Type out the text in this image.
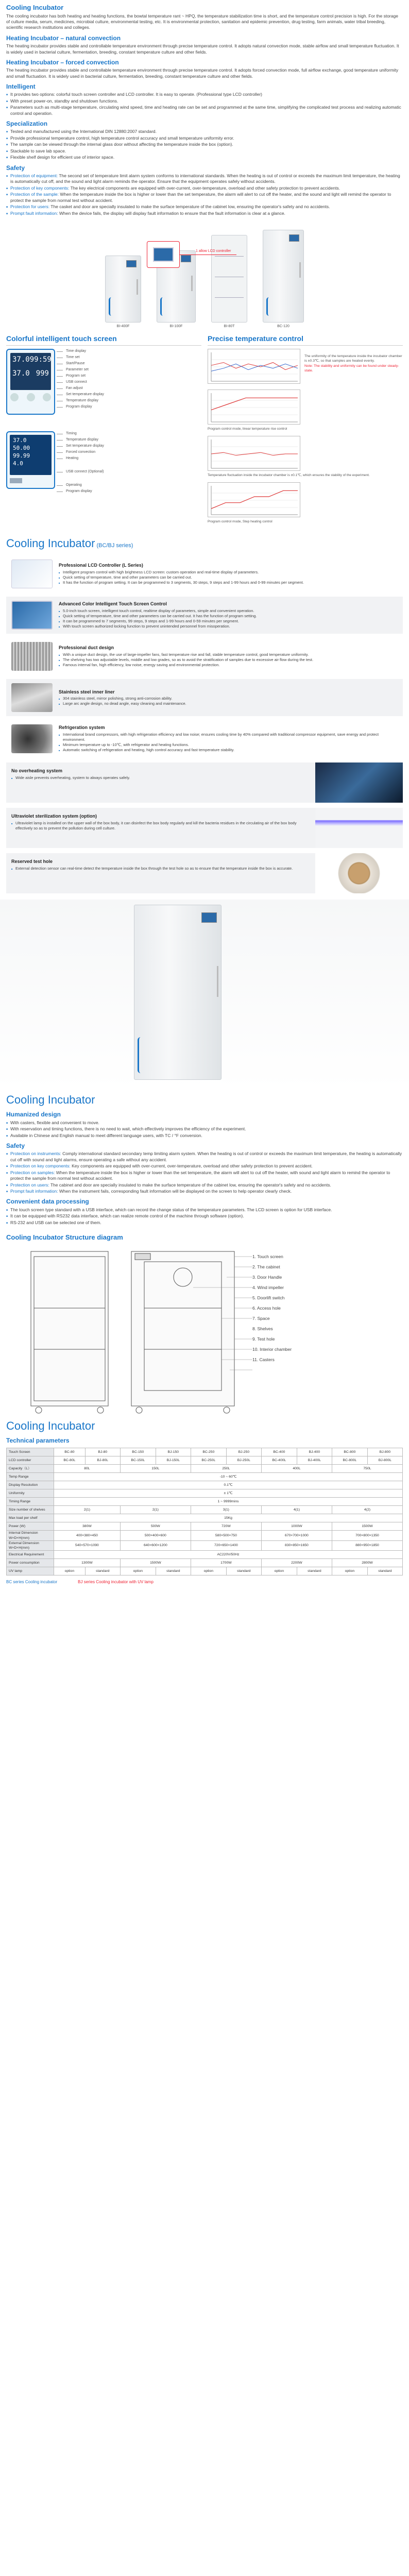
Cooling Incubator

The cooling incubator has both heating and heating functions, the bowtal temperature rant ~ HPQ, the temperature stabilization time is short, and the temperature control precision is high. For the storage of culture media, serum, medicines, microbial culture, environmental testing, etc. It is environmental protection, sanitation and epidemic prevention, drug testing, farm animals, water tribal breeding, scientific research institutions and colleges.

Heating Incubator – natural convection

The heating incubator provides stable and controllable temperature environment through precise temperature control. It adopts natural convection mode, stable airflow and small temperature fluctuation. It is widely used in bacterial culture, fermentation, breeding, constant temperature culture and other fields.

Heating Incubator – forced convection

The heating incubator provides stable and controllable temperature environment through precise temperature control. It adopts forced convection mode, full airflow exchange, good temperature uniformity and small fluctuation. It is widely used in bacterial culture, fermentation, breeding, constant temperature culture and other fields.

Intelligent
■ It provides two options: colorful touch screen controller and LCD controller. It is easy to operate. (Professional type LCD controller)
■ With preset power-on, standby and shutdown functions.
■ Parameters such as multi-stage temperature, circulating wind speed, time and heating rate can be set and programmed at the same time, simplifying the complicated test process and realizing automatic control and operation.
Specialization
■ Tested and manufactured using the International DIN 12880:2007 standard.
■ Provide professional temperature control, high temperature control accuracy and small temperature uniformity error.
■ The sample can be viewed through the internal glass door without affecting the temperature inside the box (option).
■ Stackable to save lab space.
■ Flexible shelf design for efficient use of interior space.
Safety
■ Protection of equipment: The second set of temperature limit alarm system conforms to international standards. When the heating is out of control or exceeds the maximum limit temperature, the heating is automatically cut off, and the sound and light alarm reminds the operator. Ensure that the equipment operates safely without accidents.
■ Protection of key components: The key electrical components are equipped with over-current, over-temperature, overload and other safety protection to prevent accidents.
■ Protection of the sample: When the temperature inside the box is higher or lower than the set temperature, the alarm will alert to cut off the heater, and the sound and light will remind the operator to protect the sample from normal test without accident.
■ Protection for users: The casket and door are specially insulated to make the surface temperature of the cabinet low, ensuring the operator's safety and no accidents.
■ Prompt fault information: When the device fails, the display will display fault information to ensure that the fault information is clear at a glance.
BI-400F	BI-100F	BI-80T	BC-120
1 allow LCD controller
Colorful intelligent touch screen
37.0 99:59
37.0 999
Time display
Time set
Start/Pause
Parameter set
Program set
USB connect
Fan adjust
Set temperature display
Temperature display
Program display
37.0
50.00
99.99
4.0
Timing
Temperature display
Set temperature display
Forced convection
Heating
USB connect (Optional)
Operating
Program display
Precise temperature control
The uniformity of the temperature inside the incubator chamber is ±0.3℃, so that samples are heated evenly.
Note: The stability and uniformity can be found under steady-state.
Program control mode, linear temperature rise control
Temperature fluctuation inside the incubator chamber is ±0.1℃, which ensures the stability of the experiment.
Program control mode, Step heating control
Cooling Incubator (BC/BJ series)
Professional LCD Controller (L Series)
■ Intelligent program control with high brightness LCD screen: custom operation and real-time display of parameters.
■ Quick setting of temperature, time and other parameters can be carried out.
■ It has the function of program setting. It can be programmed to 3 segments, 30 steps, 9 steps and 1-99 hours and 0-99 minutes per segment.
Advanced Color Intelligent Touch Screen Control
■ 5.0-inch touch screen, intelligent touch control, realtime display of parameters, simple and convenient operation.
■ Quick setting of temperature, time and other parameters can be carried out. It has the function of program setting.
■ It can be programmed to 7 segments, 99 steps, 9 steps and 1-99 hours and 0-59 minutes per segment.
■ With touch screen authorized locking function to prevent unintended personnel from misoperation.
Professional duct design
■ With a unique duct design, the use of large-impeller fans, fast temperature rise and fall, stable temperature control, good temperature uniformity.
■ The shelving has two adjustable levels, middle and low grades, so as to avoid the stratification of samples due to excessive air flow during the test.
■ Famous internal fan, high efficiency, low noise, energy saving and environmental protection.
Stainless steel inner liner
■ 304 stainless steel, mirror polishing, strong anti-corrosion ability.
■ Large arc angle design, no dead angle, easy cleaning and maintenance.
Refrigeration system
■ International brand compressors, with high refrigeration efficiency and low noise; ensures cooling time by 40% compared with traditional compressor equipment, save energy and protect environment.
■ Minimum temperature up to -10℃, with refrigerator and heating functions.
■ Automatic switching of refrigeration and heating, high control accuracy and fast temperature stability.
No overheating system
■ Wide aisle prevents overheating, system to always operates safely.
Ultraviolet sterilization system (option)
■ Ultraviolet lamp is installed on the upper wall of the box body, it can disinfect the box body regularly and kill the bacteria residues in the circulating air of the box body effectively so as to prevent the pollution during cell culture.
Reserved test hole
■ External detection sensor can real-time detect the temperature inside the box through the test hole so as to ensure that the temperature inside the box is accurate.
Cooling Incubator
Humanized design
■ With casters, flexible and convenient to move.
■ With reservation and timing functions, there is no need to wait, which effectively improves the efficiency of the experiment.
■ Available in Chinese and English manual to meet different language users, with TC / °F conversion.
Safety
■ Protection on instruments: Comply international standard secondary temp limiting alarm system. When the heating is out of control or exceeds the maximum limit temperature, the heating is automatically cut off with sound and light alarms, ensure operating a safe without any accident.
■ Protection on key components: Key components are equipped with over-current, over-temperature, overload and other safety protection to prevent accident.
■ Protection on samples: When the temperature inside the box is higher or lower than the set temperature, the alarm will alert to cut off the heater, with sound and light alarm to remind the operator to protect the sample from normal test without accident.
■ Protection on users: The cabinet and door are specially insulated to make the surface temperature of the cabinet low, ensuring the operator's safety and no accidents.
■ Prompt fault information: When the instrument fails, corresponding fault information will be displayed on the screen to help operator clearly check.
Convenient data processing
■ The touch screen type standard with a USB interface, which can record the change status of the temperature parameters. The LCD screen is option for USB interface.
■ It can be equipped with RS232 data interface, which can realize remote control of the machine through software (option).
■ RS-232 and USB can be selected one of them.
Cooling Incubator Structure diagram
1. Touch screen
2. The cabinet
3. Door Handle
4. Wind impeller
5. Doorlift switch
6. Access hole
7. Space
8. Shelves
9. Test hole
10. Interior chamber
11. Casters
Cooling Incubator
Technical parameters
Touch Screen	BC-80	BJ-80	BC-150	BJ-150	BC-250	BJ-250	BC-400	BJ-400	BC-800	BJ-800
LCD controller	BC-80L	BJ-80L	BC-150L	BJ-150L	BC-250L	BJ-250L	BC-400L	BJ-400L	BC-800L	BJ-800L
Capacity（L）	80L		150L		250L		400L		750L	
Temp Range	-10 ~ 60℃									
Display Resolution	0.1℃									
Uniformity	± 1℃									
Timing Range	1 ~ 9999mins									
Size number of shelves	2(1)		2(1)		3(1)		4(1)		4(2)	
Max load per shelf	15Kg									
Power (W)	380W		500W		720W		1000W		1500W	
Internal Dimension W×D×H(mm)	400×380×450		500×400×600		580×500×750		670×700×1000		700×800×1350	
External Dimension W×D×H(mm)	540×570×1090		640×600×1200		720×650×1400		830×850×1650		880×950×1850	
Electrical Requirement	AC220V/50Hz									
Power consumption	1300W		1500W		1700W		2200W		2800W	
UV lamp	option	standard	option	standard	option	standard	option	standard	option	standard
BC series Cooling incubator	BJ series Cooling incubator with UV lamp
